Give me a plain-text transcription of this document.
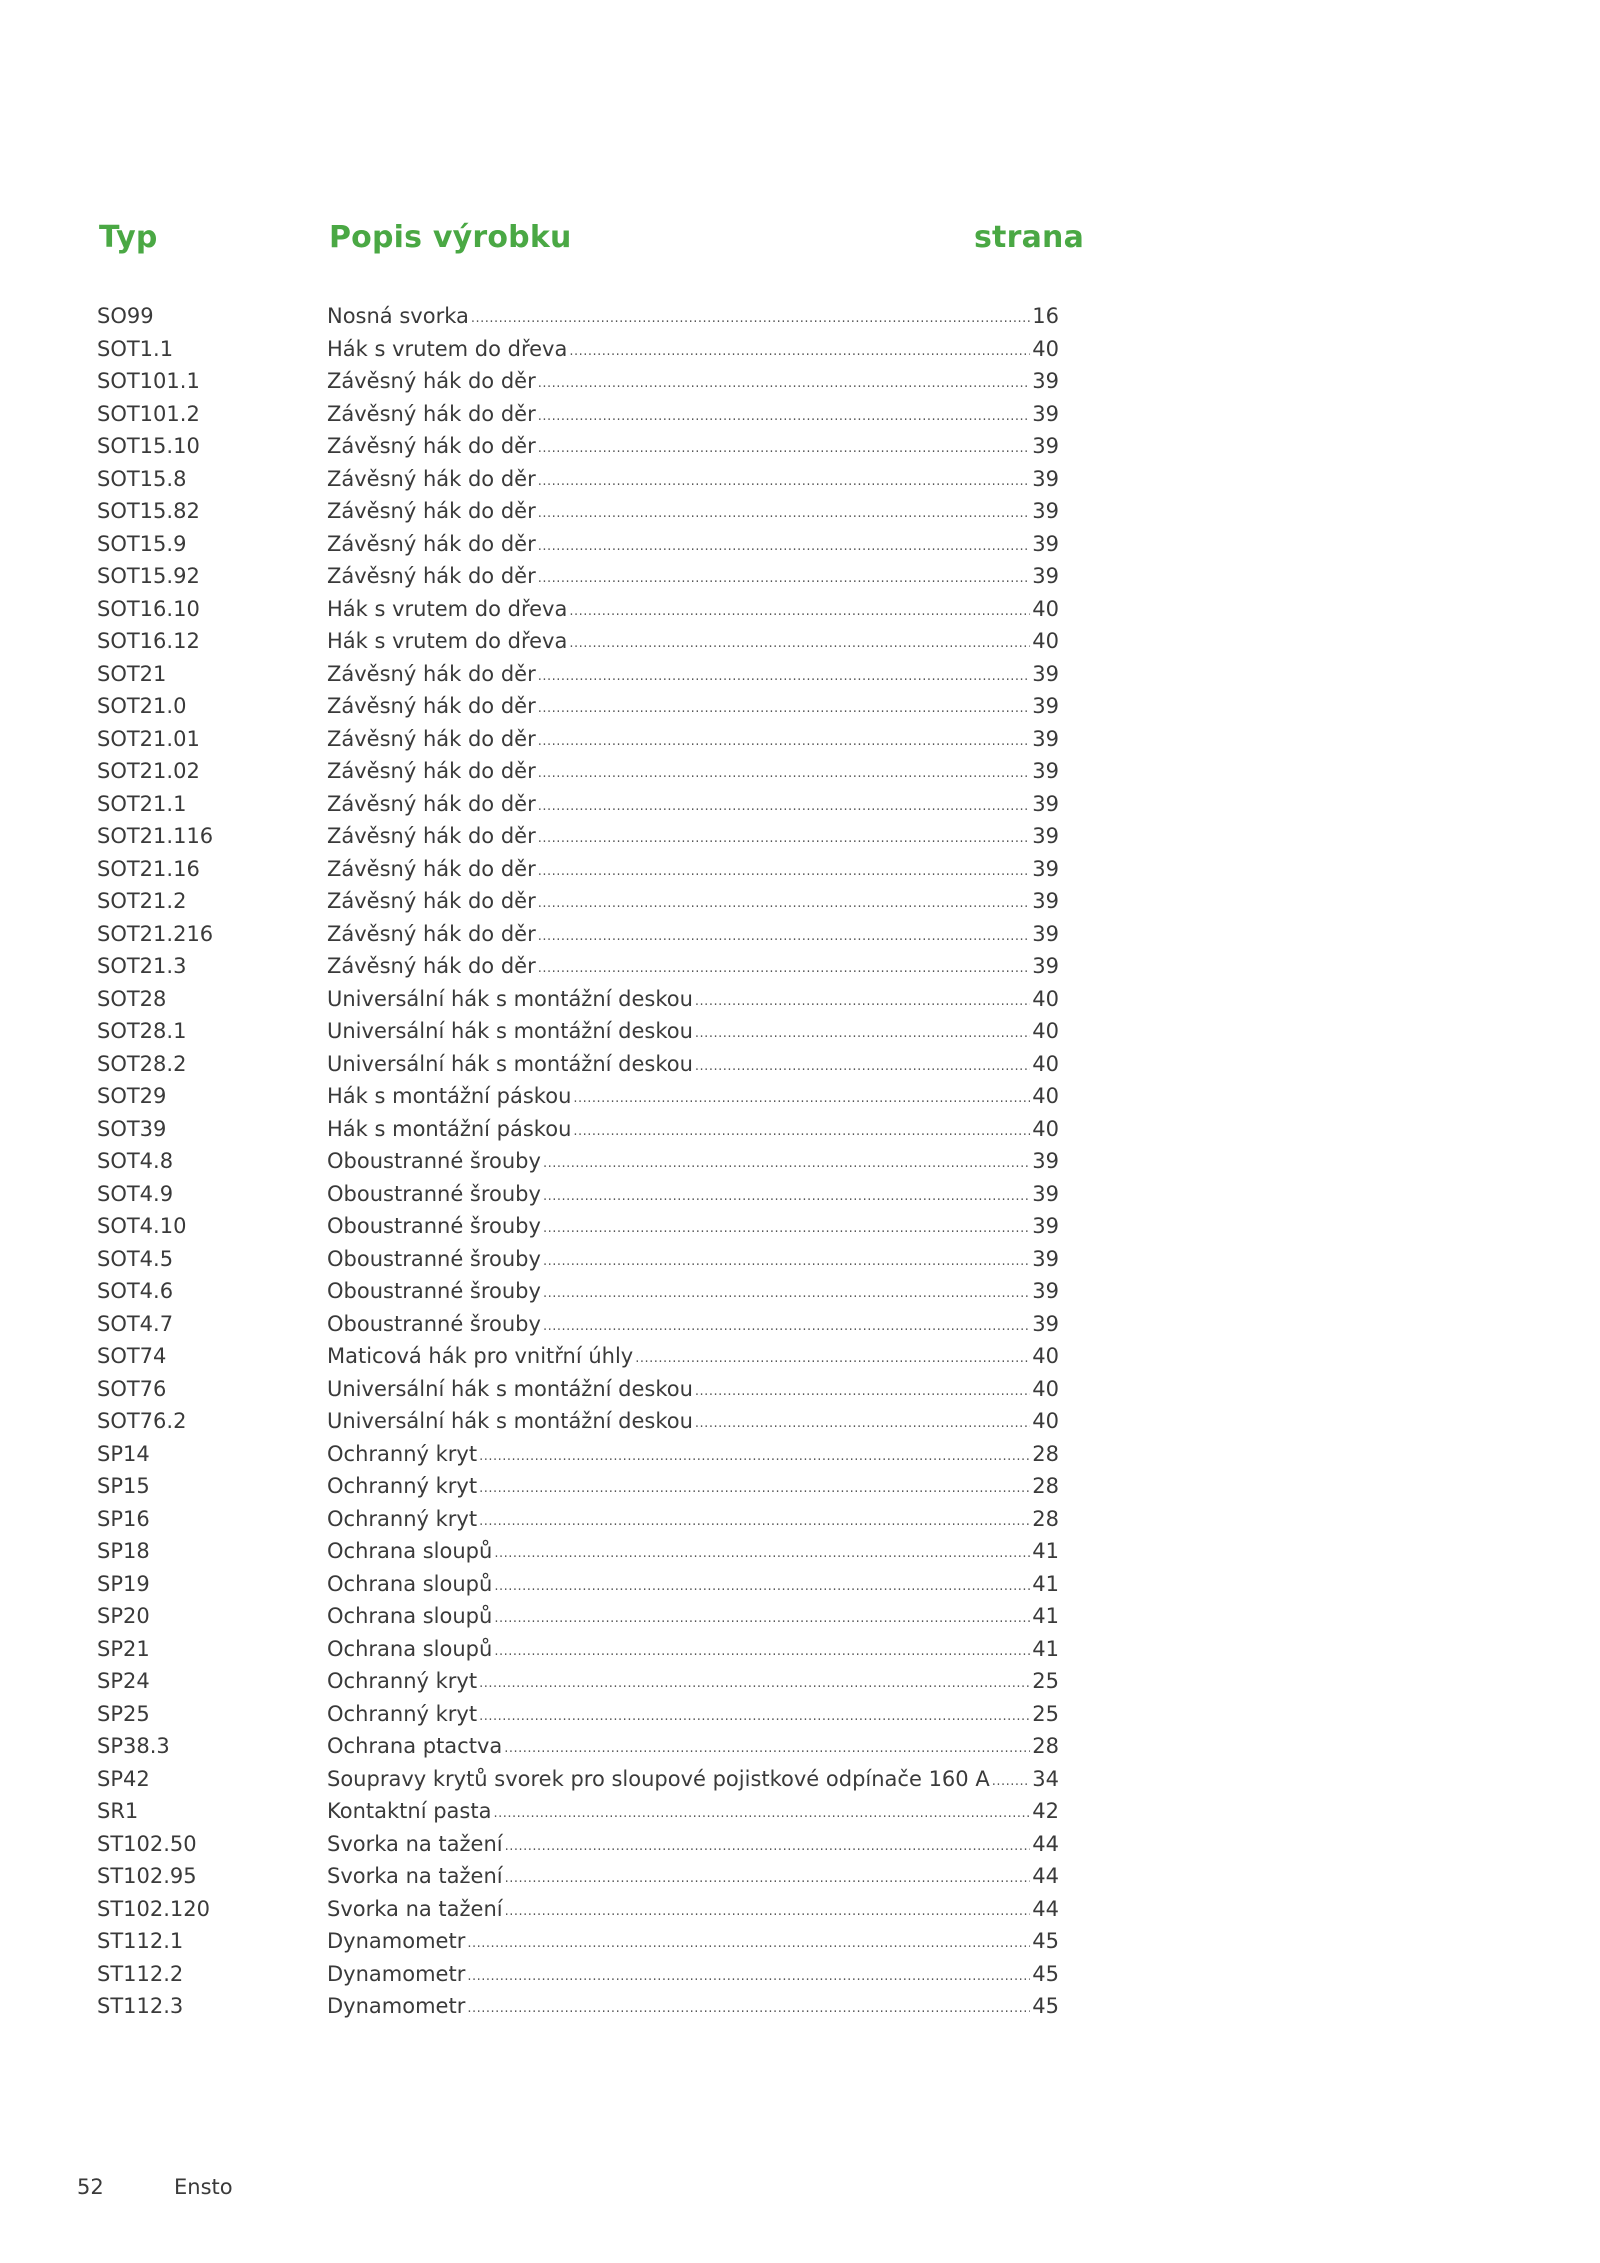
Typ	Popis výrobku	strana
SO99	Nosná svorka .....	16
SOT1.1	Hák s vrutem do dřeva .....	40
SOT101.1	Závěsný hák do děr .....	39
SOT101.2	Závěsný hák do děr .....	39
SOT15.10	Závěsný hák do děr .....	39
SOT15.8	Závěsný hák do děr .....	39
SOT15.82	Závěsný hák do děr .....	39
SOT15.9	Závěsný hák do děr .....	39
SOT15.92	Závěsný hák do děr .....	39
SOT16.10	Hák s vrutem do dřeva .....	40
SOT16.12	Hák s vrutem do dřeva .....	40
SOT21	Závěsný hák do děr .....	39
SOT21.0	Závěsný hák do děr .....	39
SOT21.01	Závěsný hák do děr .....	39
SOT21.02	Závěsný hák do děr .....	39
SOT21.1	Závěsný hák do děr .....	39
SOT21.116	Závěsný hák do děr .....	39
SOT21.16	Závěsný hák do děr .....	39
SOT21.2	Závěsný hák do děr .....	39
SOT21.216	Závěsný hák do děr .....	39
SOT21.3	Závěsný hák do děr .....	39
SOT28	Universální hák s montážní deskou .....	40
SOT28.1	Universální hák s montážní deskou .....	40
SOT28.2	Universální hák s montážní deskou .....	40
SOT29	Hák s montážní páskou .....	40
SOT39	Hák s montážní páskou .....	40
SOT4.8	Oboustranné šrouby .....	39
SOT4.9	Oboustranné šrouby .....	39
SOT4.10	Oboustranné šrouby .....	39
SOT4.5	Oboustranné šrouby .....	39
SOT4.6	Oboustranné šrouby .....	39
SOT4.7	Oboustranné šrouby .....	39
SOT74	Maticová hák pro vnitřní úhly .....	40
SOT76	Universální hák s montážní deskou .....	40
SOT76.2	Universální hák s montážní deskou .....	40
SP14	Ochranný kryt .....	28
SP15	Ochranný kryt .....	28
SP16	Ochranný kryt .....	28
SP18	Ochrana sloupů .....	41
SP19	Ochrana sloupů .....	41
SP20	Ochrana sloupů .....	41
SP21	Ochrana sloupů .....	41
SP24	Ochranný kryt .....	25
SP25	Ochranný kryt .....	25
SP38.3	Ochrana ptactva .....	28
SP42	Soupravy krytů svorek pro sloupové pojistkové odpínače 160 A ..... 34
SR1	Kontaktní pasta .....	42
ST102.50	Svorka na tažení .....	44
ST102.95	Svorka na tažení .....	44
ST102.120	Svorka na tažení .....	44
ST112.1	Dynamometr .....	45
ST112.2	Dynamometr .....	45
ST112.3	Dynamometr .....	45
52	Ensto
